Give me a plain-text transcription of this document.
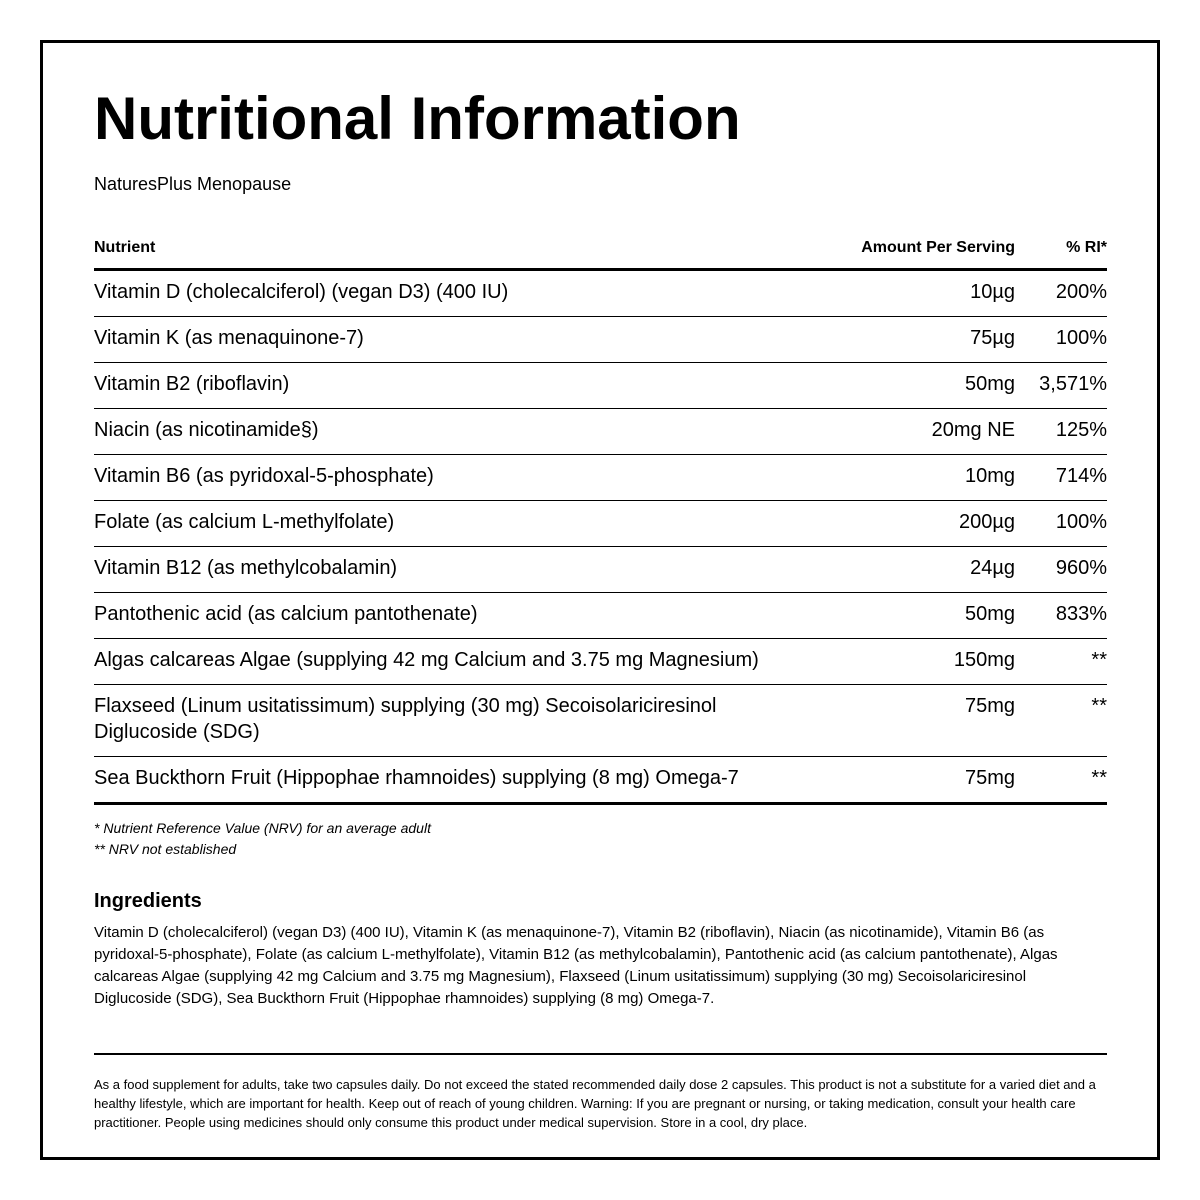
Nutritional Information
NaturesPlus Menopause
Nutrient	Amount Per Serving	% RI*
Vitamin D (cholecalciferol) (vegan D3) (400 IU)	10µg	200%
Vitamin K (as menaquinone-7)	75µg	100%
Vitamin B2 (riboflavin)	50mg	3,571%
Niacin (as nicotinamide§)	20mg NE	125%
Vitamin B6 (as pyridoxal-5-phosphate)	10mg	714%
Folate (as calcium L-methylfolate)	200µg	100%
Vitamin B12 (as methylcobalamin)	24µg	960%
Pantothenic acid (as calcium pantothenate)	50mg	833%
Algas calcareas Algae (supplying 42 mg Calcium and 3.75 mg Magnesium)	150mg	**
Flaxseed (Linum usitatissimum) supplying (30 mg) Secoisolariciresinol Diglucoside (SDG)	75mg	**
Sea Buckthorn Fruit (Hippophae rhamnoides) supplying (8 mg) Omega-7	75mg	**
* Nutrient Reference Value (NRV) for an average adult
** NRV not established
Ingredients
Vitamin D (cholecalciferol) (vegan D3) (400 IU), Vitamin K (as menaquinone-7), Vitamin B2 (riboflavin), Niacin (as nicotinamide), Vitamin B6 (as pyridoxal-5-phosphate), Folate (as calcium L-methylfolate), Vitamin B12 (as methylcobalamin), Pantothenic acid (as calcium pantothenate), Algas calcareas Algae (supplying 42 mg Calcium and 3.75 mg Magnesium), Flaxseed (Linum usitatissimum) supplying (30 mg) Secoisolariciresinol Diglucoside (SDG), Sea Buckthorn Fruit (Hippophae rhamnoides) supplying (8 mg) Omega-7.
As a food supplement for adults, take two capsules daily. Do not exceed the stated recommended daily dose 2 capsules. This product is not a substitute for a varied diet and a healthy lifestyle, which are important for health. Keep out of reach of young children. Warning: If you are pregnant or nursing, or taking medication, consult your health care practitioner. People using medicines should only consume this product under medical supervision. Store in a cool, dry place.
